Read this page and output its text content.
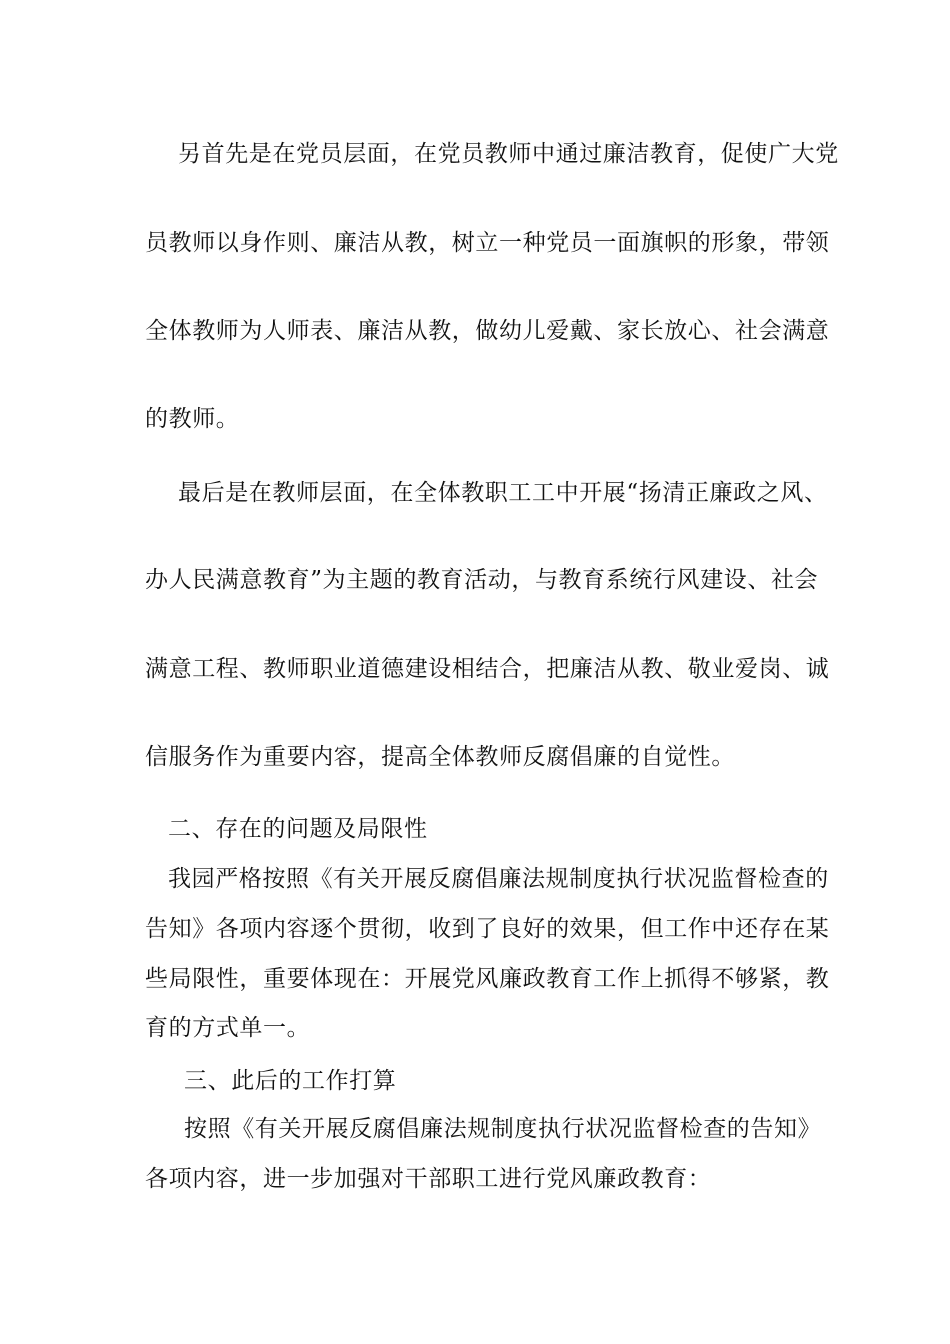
另首先是在党员层面，在党员教师中通过廉洁教育，促使广大党
员教师以身作则、廉洁从教，树立一种党员一面旗帜的形象，带领
全体教师为人师表、廉洁从教，做幼儿爱戴、家长放心、社会满意
的教师。
最后是在教师层面，在全体教职工工中开展“扬清正廉政之风、
办人民满意教育”为主题的教育活动，与教育系统行风建设、社会
满意工程、教师职业道德建设相结合，把廉洁从教、敬业爱岗、诚
信服务作为重要内容，提高全体教师反腐倡廉的自觉性。
二、存在的问题及局限性
我园严格按照《有关开展反腐倡廉法规制度执行状况监督检查的
告知》各项内容逐个贯彻，收到了良好的效果，但工作中还存在某
些局限性，重要体现在：开展党风廉政教育工作上抓得不够紧，教
育的方式单一。
三、此后的工作打算
按照《有关开展反腐倡廉法规制度执行状况监督检查的告知》
各项内容，进一步加强对干部职工进行党风廉政教育：
